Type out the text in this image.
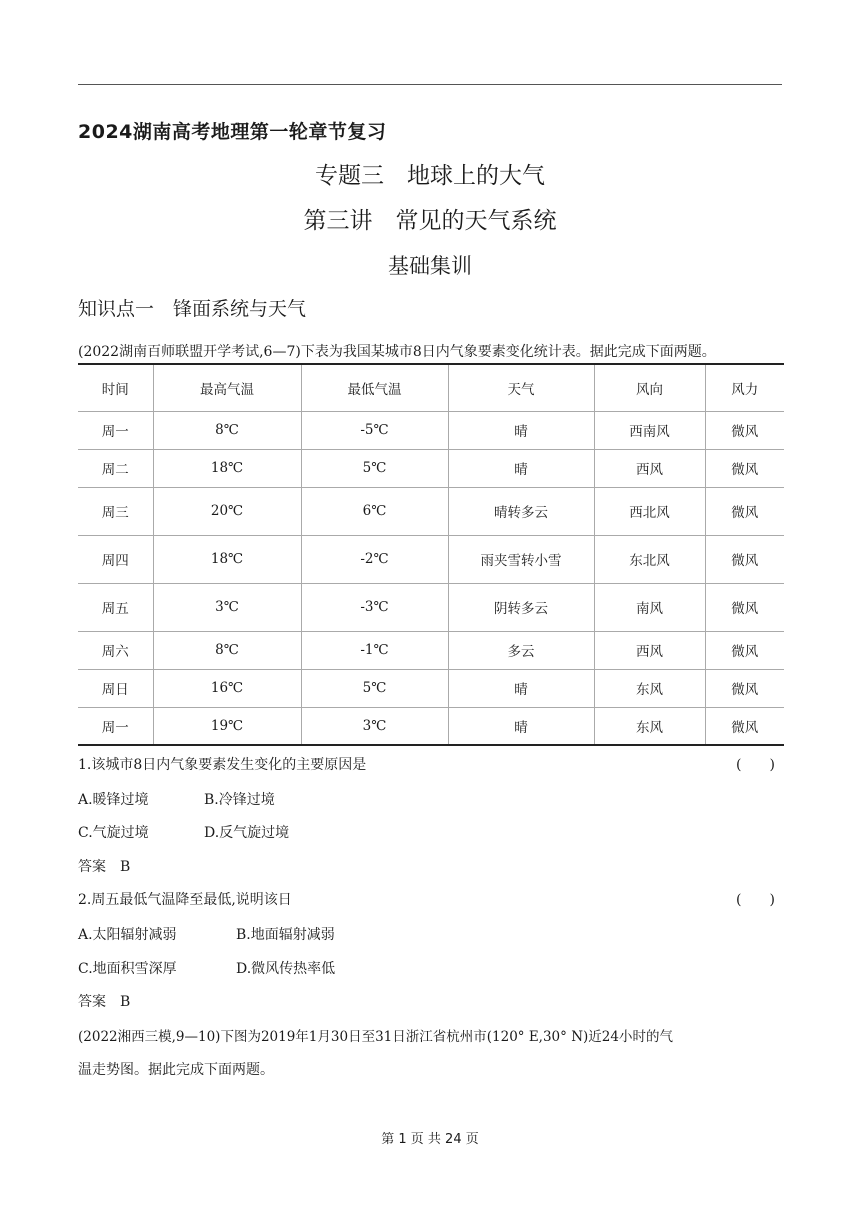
2024湖南高考地理第一轮章节复习
专题三　地球上的大气
第三讲　常见的天气系统
基础集训
知识点一　锋面系统与天气
(2022湖南百师联盟开学考试,6—7)下表为我国某城市8日内气象要素变化统计表。据此完成下面两题。
时间	最高气温	最低气温	天气	风向	风力
周一	8℃	-5℃	晴	西南风	微风
周二	18℃	5℃	晴	西风	微风
周三	20℃	6℃	晴转多云	西北风	微风
周四	18℃	-2℃	雨夹雪转小雪	东北风	微风
周五	3℃	-3℃	阴转多云	南风	微风
周六	8℃	-1℃	多云	西风	微风
周日	16℃	5℃	晴	东风	微风
周一	19℃	3℃	晴	东风	微风
1.该城市8日内气象要素发生变化的主要原因是	(　　)
A.暖锋过境	B.冷锋过境
C.气旋过境	D.反气旋过境
答案　B
2.周五最低气温降至最低,说明该日	(　　)
A.太阳辐射减弱	B.地面辐射减弱
C.地面积雪深厚	D.微风传热率低
答案　B
(2022湘西三模,9—10)下图为2019年1月30日至31日浙江省杭州市(120° E,30° N)近24小时的气
温走势图。据此完成下面两题。
第 1 页 共 24 页
